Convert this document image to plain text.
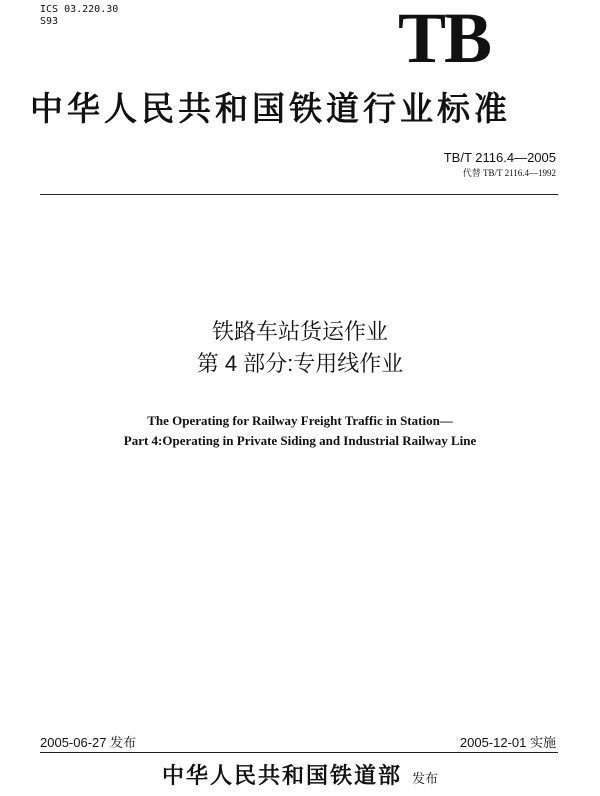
ICS 03.220.30
S93	TB
中华人民共和国铁道行业标准
TB/T 2116.4—2005
代替 TB/T 2116.4—1992
铁路车站货运作业
第 4 部分:专用线作业
The Operating for Railway Freight Traffic in Station—
Part 4:Operating in Private Siding and Industrial Railway Line
2005-06-27 发布	2005-12-01 实施
中华人民共和国铁道部 发布
